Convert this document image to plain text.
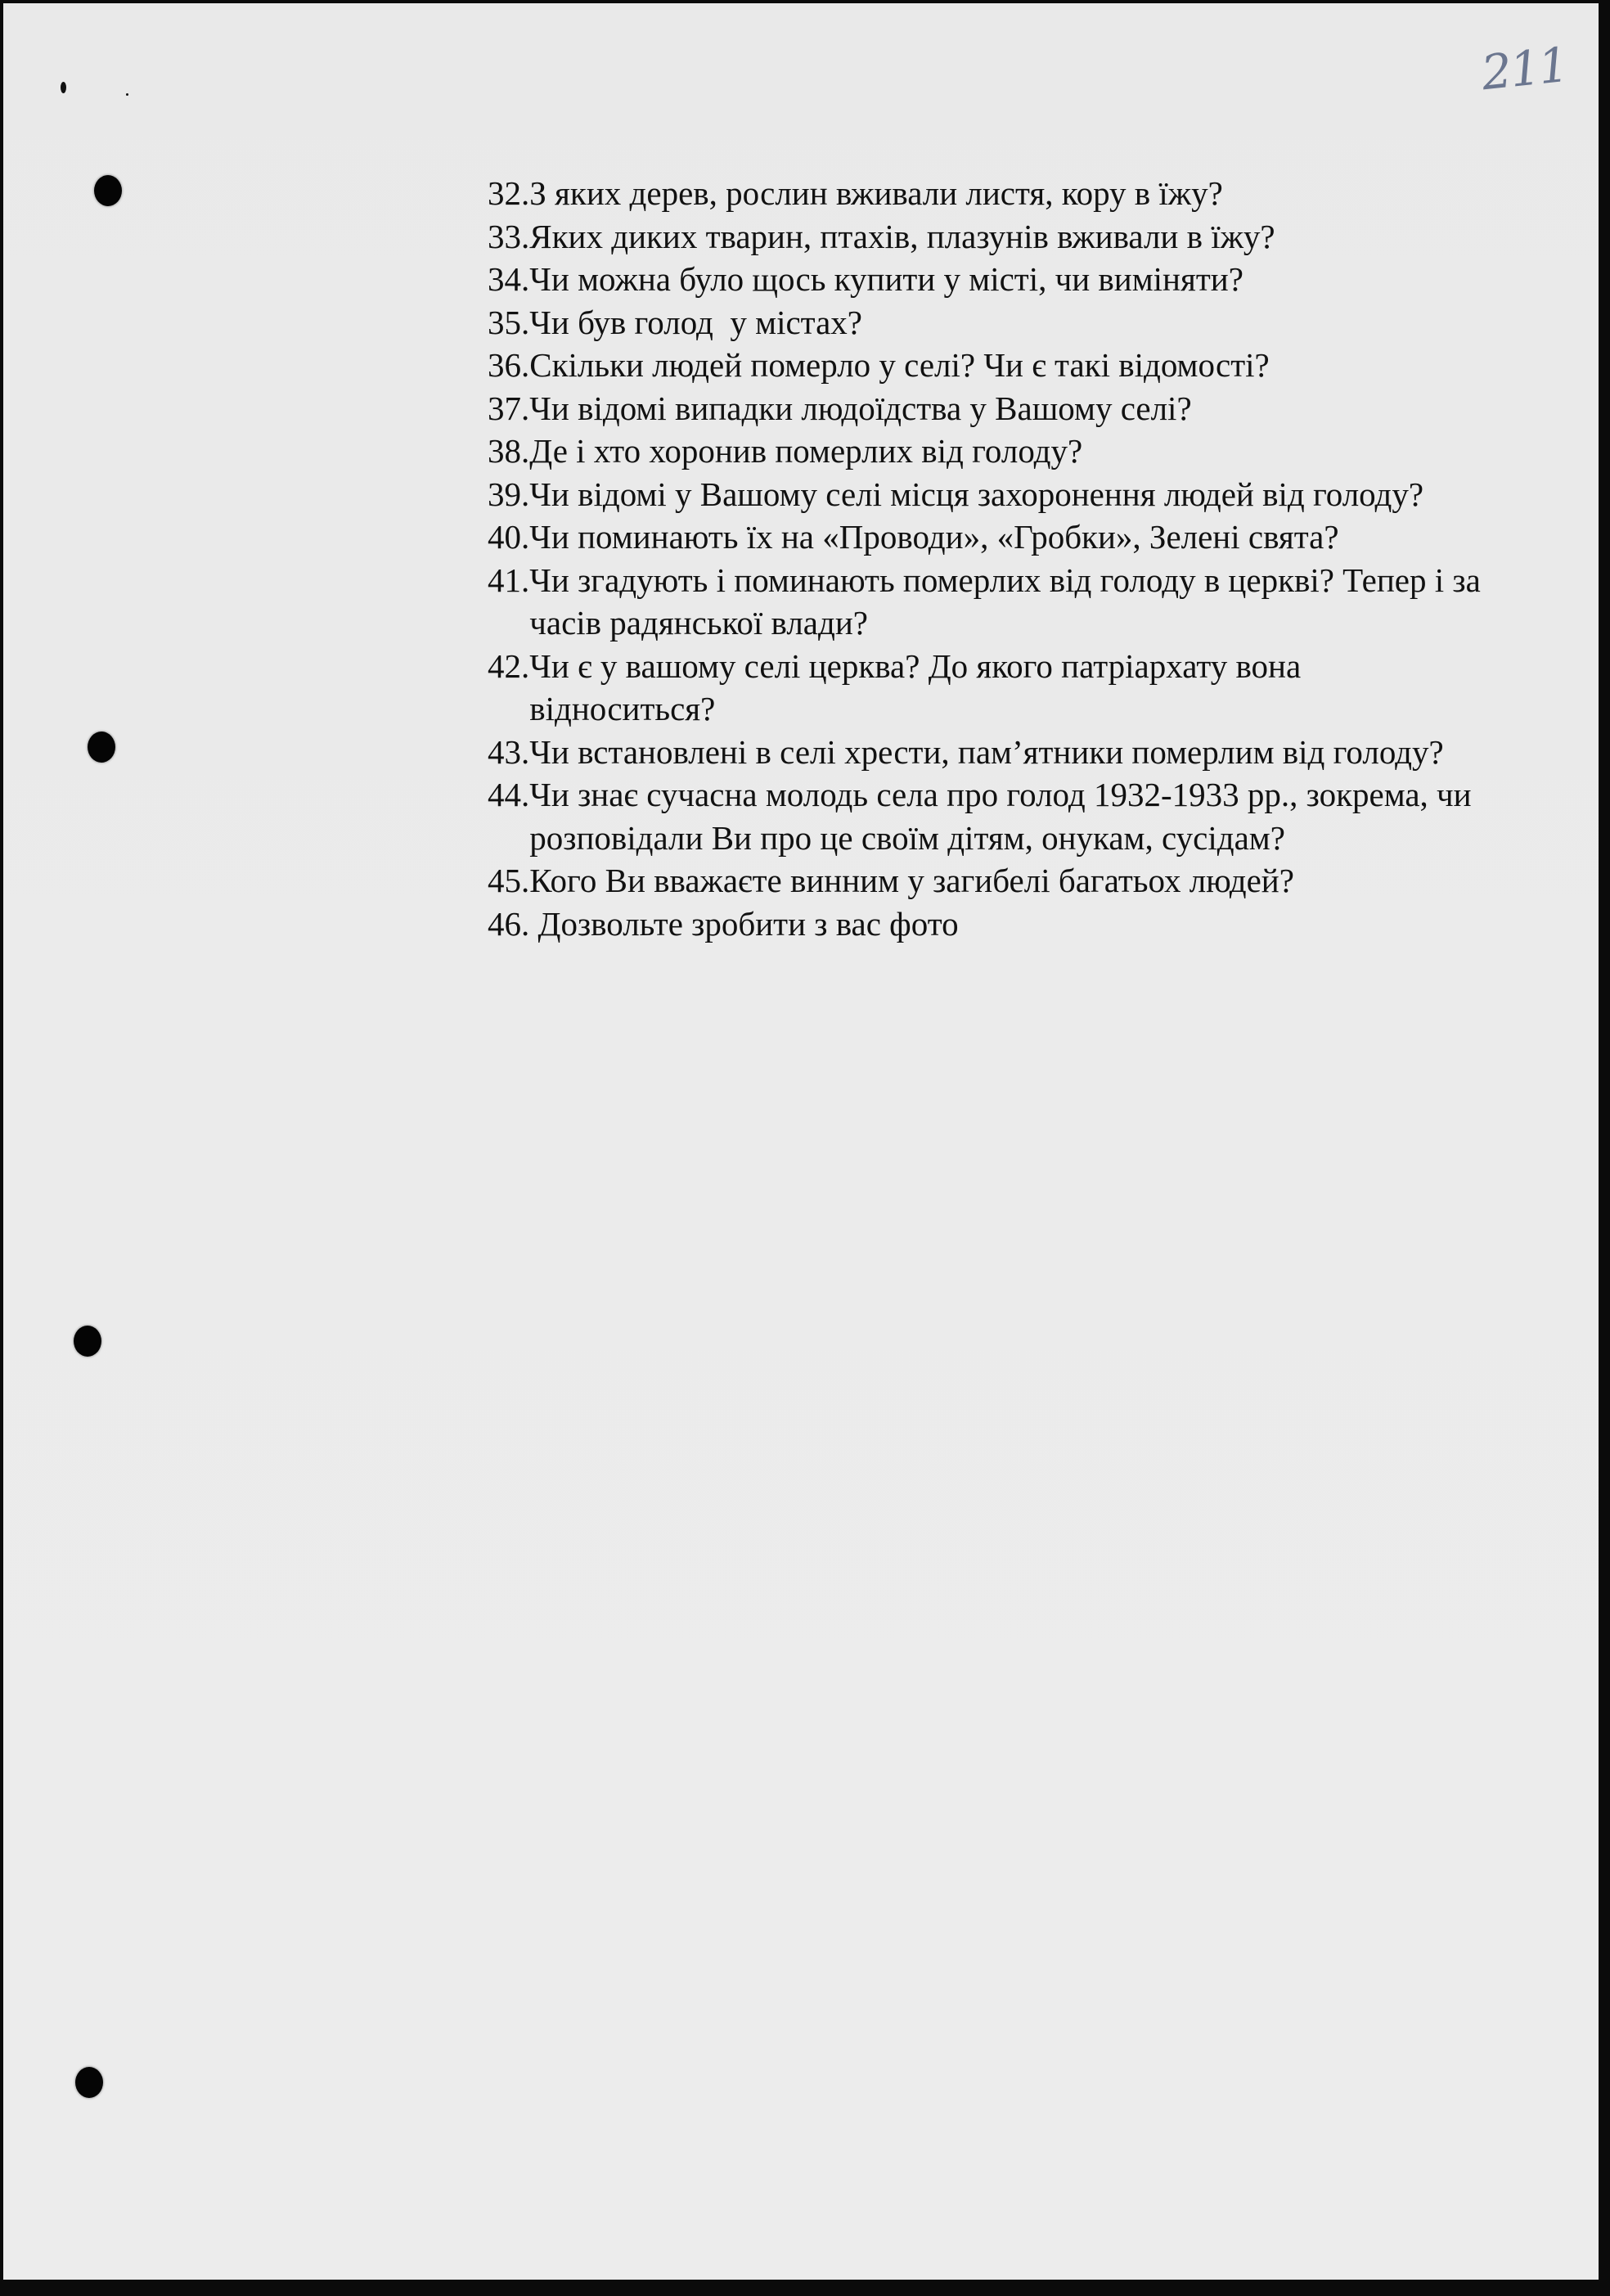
211
32. З яких дерев, рослин вживали листя, кору в їжу?
33. Яких диких тварин, птахів, плазунів вживали в їжу?
34. Чи можна було щось купити у місті, чи виміняти?
35. Чи був голод  у містах?
36. Скільки людей померло у селі? Чи є такі відомості?
37. Чи відомі випадки людоїдства у Вашому селі?
38. Де і хто хоронив померлих від голоду?
39. Чи відомі у Вашому селі місця захоронення людей від голоду?
40. Чи поминають їх на «Проводи», «Гробки», Зелені свята?
41. Чи згадують і поминають померлих від голоду в церкві? Тепер і за часів радянської влади?
42. Чи є у вашому селі церква? До якого патріархату вона відноситься?
43. Чи встановлені в селі хрести, пам’ятники померлим від голоду?
44. Чи знає сучасна молодь села про голод 1932-1933 рр., зокрема, чи розповідали Ви про це своїм дітям, онукам, сусідам?
45. Кого Ви вважаєте винним у загибелі багатьох людей?
46. Дозвольте зробити з вас фото
